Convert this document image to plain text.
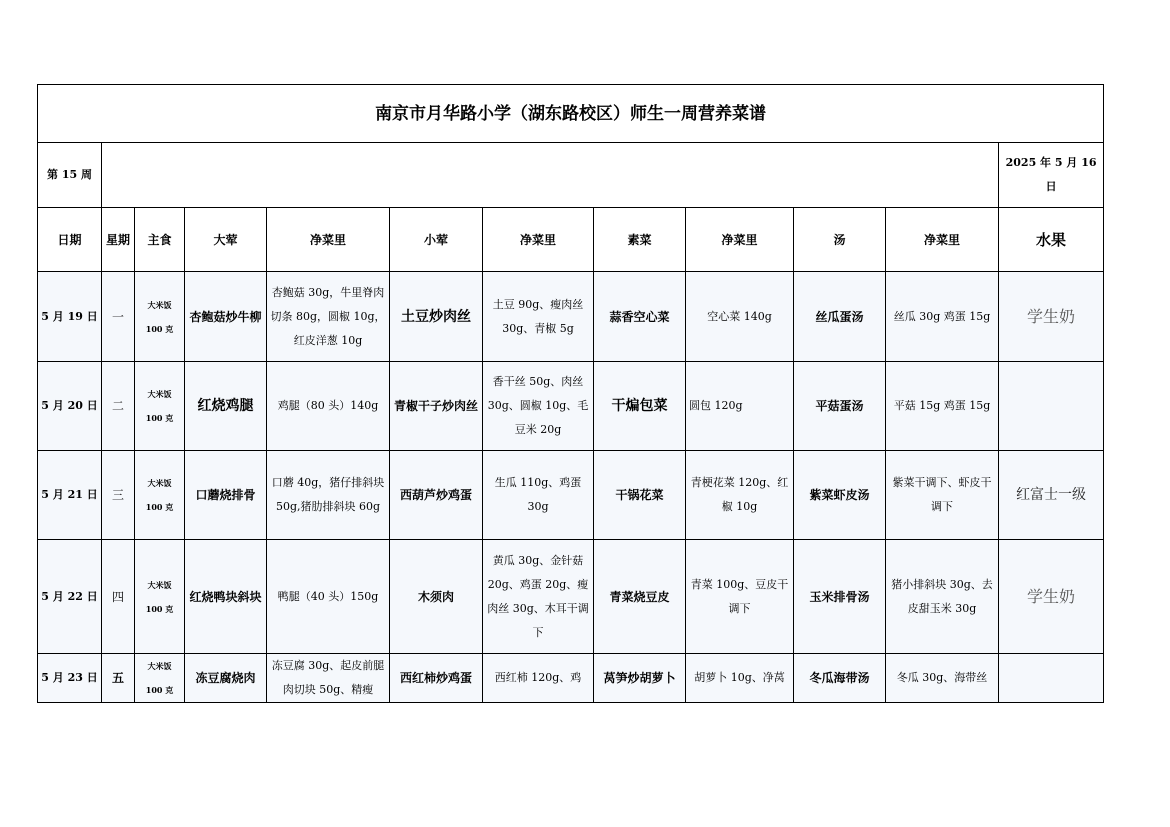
南京市月华路小学（湖东路校区）师生一周营养菜谱											
第 15 周											2025 年 5 月 16 日
日期	星期	主食	大荤	净菜里	小荤	净菜里	素菜	净菜里	汤	净菜里	水果
5 月 19 日	一	大米饭 100 克	杏鲍菇炒牛柳	杏鲍菇 30g，牛里脊肉切条 80g，圆椒 10g，红皮洋葱 10g	土豆炒肉丝	土豆 90g、瘦肉丝 30g、青椒 5g	蒜香空心菜	空心菜 140g	丝瓜蛋汤	丝瓜 30g 鸡蛋 15g	学生奶
5 月 20 日	二	大米饭 100 克	红烧鸡腿	鸡腿（80 头）140g	青椒干子炒肉丝	香干丝 50g、肉丝 30g、圆椒 10g、毛豆米 20g	干煸包菜	圆包 120g	平菇蛋汤	平菇 15g 鸡蛋 15g	
5 月 21 日	三	大米饭 100 克	口蘑烧排骨	口蘑 40g，猪仔排斜块 50g,猪肋排斜块 60g	西葫芦炒鸡蛋	生瓜 110g、鸡蛋 30g	干锅花菜	青梗花菜 120g、红椒 10g	紫菜虾皮汤	紫菜干调下、虾皮干调下	红富士一级
5 月 22 日	四	大米饭 100 克	红烧鸭块斜块	鸭腿（40 头）150g	木须肉	黄瓜 30g、金针菇 20g、鸡蛋 20g、瘦肉丝 30g、木耳干调下	青菜烧豆皮	青菜 100g、豆皮干调下	玉米排骨汤	猪小排斜块 30g、去皮甜玉米 30g	学生奶
5 月 23 日	五	大米饭 100 克	冻豆腐烧肉	冻豆腐 30g、起皮前腿肉切块 50g、精瘦	西红柿炒鸡蛋	西红柿 120g、鸡	莴笋炒胡萝卜	胡萝卜 10g、净莴	冬瓜海带汤	冬瓜 30g、海带丝	
